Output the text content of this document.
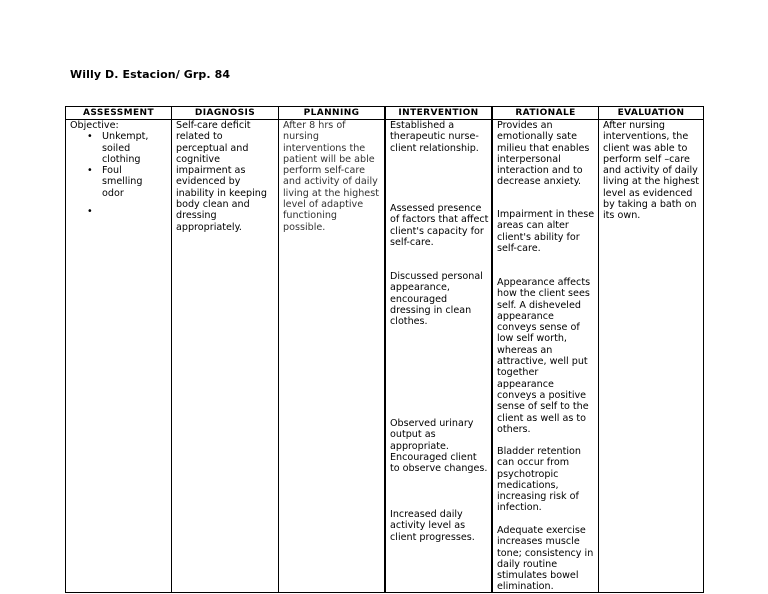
Willy D. Estacion/ Grp. 84
ASSESSMENT
Objective:
• Unkempt, soiled clothing
• Foul smelling odor
•
DIAGNOSIS
Self-care deficit related to perceptual and cognitive impairment as evidenced by inability in keeping body clean and dressing appropriately.
PLANNING
After 8 hrs of nursing interventions the patient will be able perform self-care and activity of daily living at the highest level of adaptive functioning possible.
INTERVENTION
Established a therapeutic nurse-client relationship.
Assessed presence of factors that affect client's capacity for self-care.
Discussed personal appearance, encouraged dressing in clean clothes.
Observed urinary output as appropriate. Encouraged client to observe changes.
Increased daily activity level as client progresses.
RATIONALE
Provides an emotionally sate milieu that enables interpersonal interaction and to decrease anxiety.
Impairment in these areas can alter client's ability for self-care.
Appearance affects how the client sees self. A disheveled appearance conveys sense of low self worth, whereas an attractive, well put together appearance conveys a positive sense of self to the client as well as to others.
Bladder retention can occur from psychotropic medications, increasing risk of infection.
Adequate exercise increases muscle tone; consistency in daily routine stimulates bowel elimination.
EVALUATION
After nursing interventions, the client was able to perform self –care and activity of daily living at the highest level as evidenced by taking a bath on its own.
